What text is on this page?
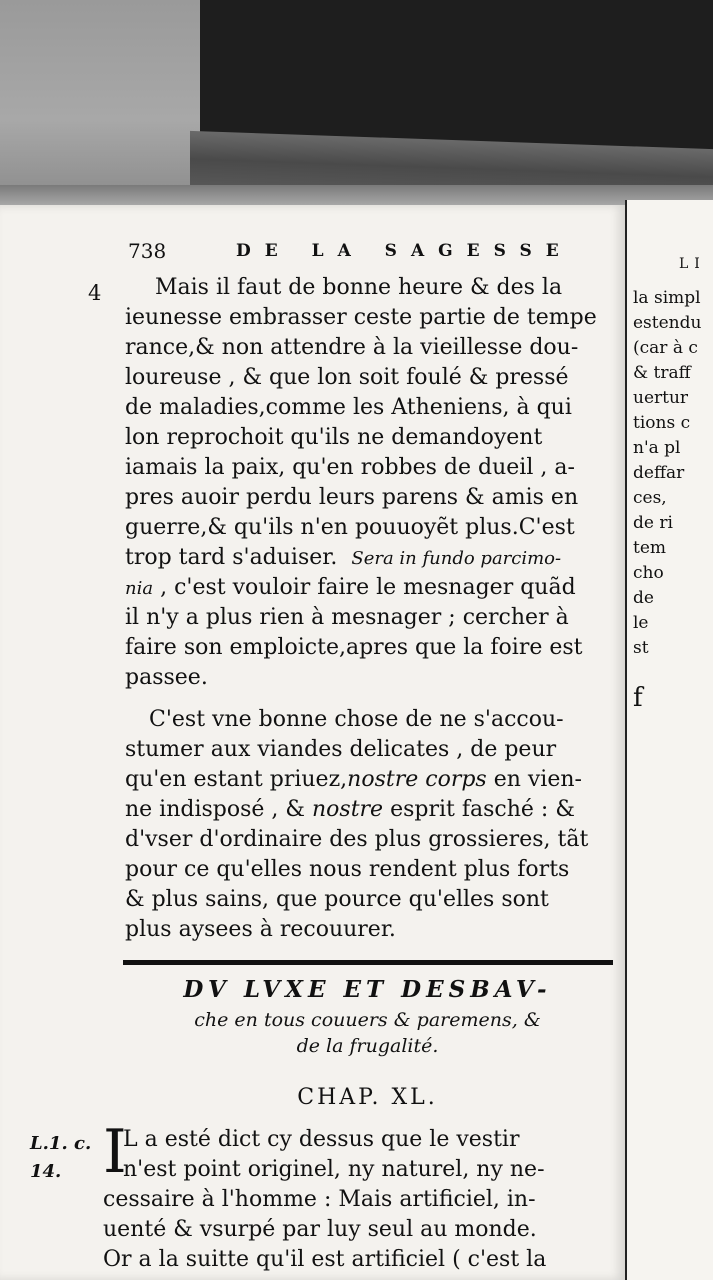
738	DE LA SAGESSE
4	Mais il faut de bonne heure & des la
ieunesse embrasser ceste partie de tempe
rance,& non attendre à la vieillesse dou-
loureuse , & que lon soit foulé & pressé
de maladies,comme les Atheniens, à qui
lon reprochoit qu'ils ne demandoyent
iamais la paix, qu'en robbes de dueil , a-
pres auoir perdu leurs parens & amis en
guerre,& qu'ils n'en pouuoyẽt plus.C'est
trop tard s'aduiser. Sera in fundo parcimo-
nia , c'est vouloir faire le mesnager quãd
il n'y a plus rien à mesnager ; cercher à
faire son emploicte,apres que la foire est
passee.

C'est vne bonne chose de ne s'accou-
stumer aux viandes delicates , de peur
qu'en estant priuez,nostre corps en vien-
ne indisposé , & nostre esprit fasché : &
d'vser d'ordinaire des plus grossieres, tãt
pour ce qu'elles nous rendent plus forts
& plus sains, que pource qu'elles sont
plus aysees à recouurer.

DV LVXE ET DESBAV-
che en tous couuers & paremens, &
de la frugalité.
CHAP. XL.
L.1. c.
14. I

L a esté dict cy dessus que le vestir
n'est point originel, ny naturel, ny ne-
cessaire à l'homme : Mais artificiel, in-
uenté & vsurpé par luy seul au monde.
Or a la suitte qu'il est artificiel ( c'est la

LI
la simpl
estendu
(car à c
& traff
uertur
tions c
n'a pl
deffar
ces,
de ri
tem
cho
de
le
st
f
